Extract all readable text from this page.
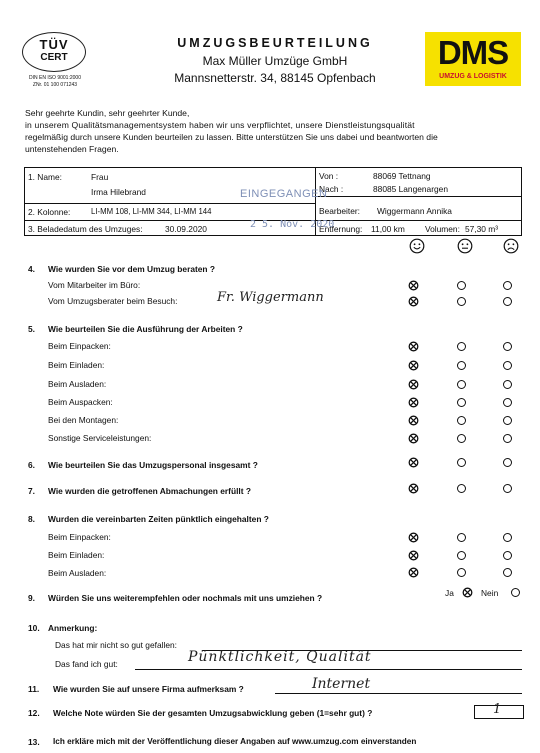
TÜV
CERT
DIN EN ISO 9001:2000
ZNr. 01 100 071243
UMZUGSBEURTEILUNG
Max Müller Umzüge GmbH
Mannsnetterstr. 34, 88145 Opfenbach
DMS
UMZUG & LOGISTIK
Sehr geehrte Kundin, sehr geehrter Kunde,
in unserem Qualitätsmanagementsystem haben wir uns verpflichtet, unsere Dienstleistungsqualität
regelmäßig durch unsere Kunden beurteilen zu lassen. Bitte unterstützen Sie uns dabei und beantworten die
untenstehenden Fragen.
1. Name:	Frau
Irma Hilebrand
2. Kolonne:	LI-MM 108, LI-MM 344, LI-MM 144
3. Beladedatum des Umzuges:	30.09.2020
Von :	88069 Tettnang
Nach :	88085 Langenargen
Bearbeiter: Wiggermann Annika
Entfernung: 11,00 km Volumen: 57,30 m³
EINGEGANGEN
2 5. Nov. 2020
4. Wie wurden Sie vor dem Umzug beraten ?
Vom Mitarbeiter im Büro:
Vom Umzugsberater beim Besuch:	Fr. Wiggermann
5. Wie beurteilen Sie die Ausführung der Arbeiten ?
Beim Einpacken:
Beim Einladen:
Beim Ausladen:
Beim Auspacken:
Bei den Montagen:
Sonstige Serviceleistungen:
6. Wie beurteilen Sie das Umzugspersonal insgesamt ?
7. Wie wurden die getroffenen Abmachungen erfüllt ?
8. Wurden die vereinbarten Zeiten pünktlich eingehalten ?
Beim Einpacken:
Beim Einladen:
Beim Ausladen:
9. Würden Sie uns weiterempfehlen oder nochmals mit uns umziehen ?	Ja	Nein
10. Anmerkung:
Das hat mir nicht so gut gefallen:
Das fand ich gut:	Pünktlichkeit, Qualität
11. Wie wurden Sie auf unsere Firma aufmerksam ?	Internet
12. Welche Note würden Sie der gesamten Umzugsabwicklung geben (1=sehr gut) ?	1
13. Ich erkläre mich mit der Veröffentlichung dieser Angaben auf www.umzug.com einverstanden
